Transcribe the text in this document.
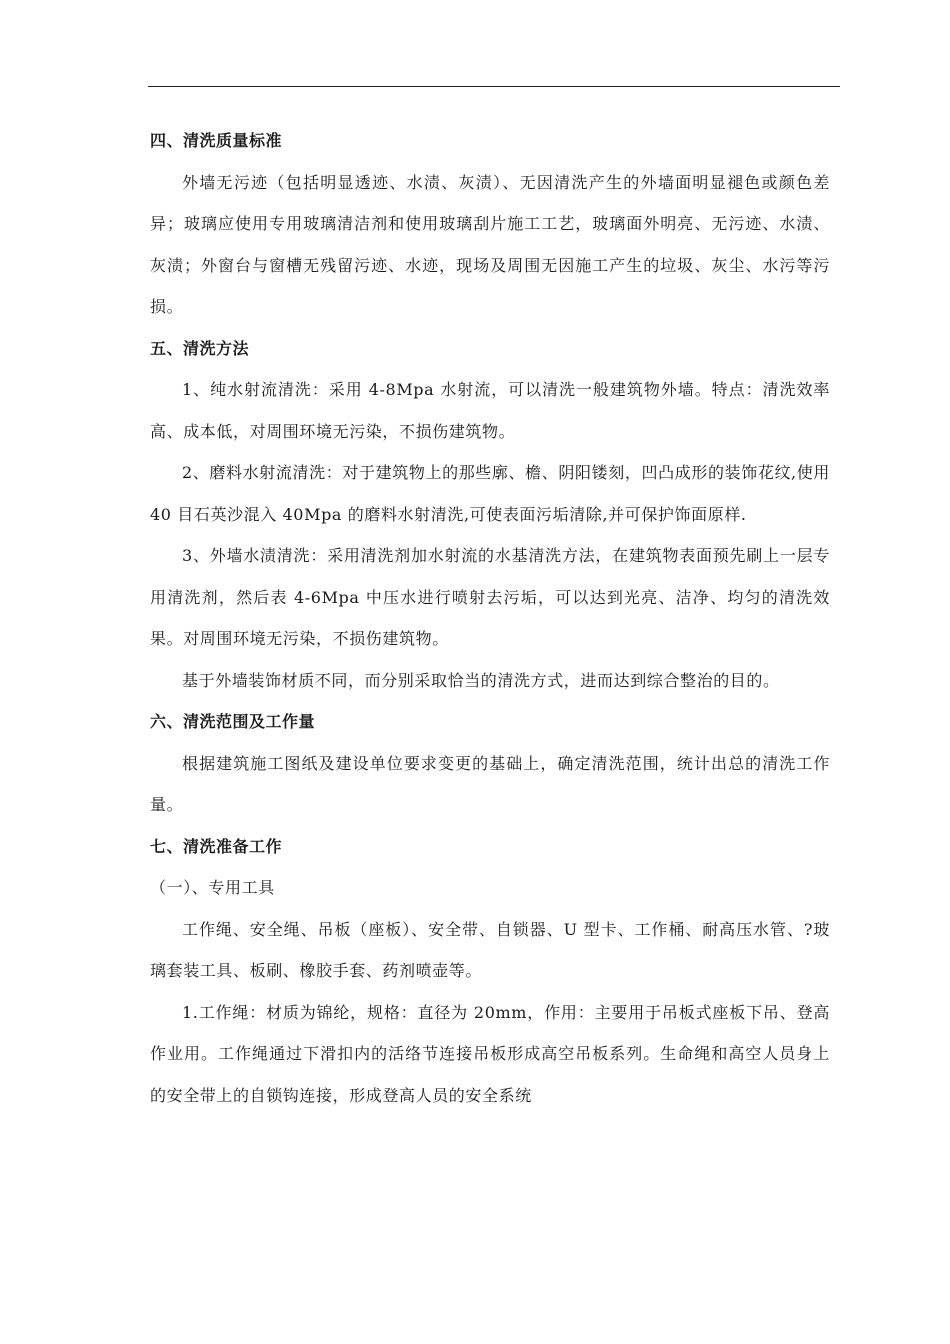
四、清洗质量标准

外墙无污迹（包括明显透迹、水渍、灰渍）、无因清洗产生的外墙面明显褪色或颜色差异；玻璃应使用专用玻璃清洁剂和使用玻璃刮片施工工艺，玻璃面外明亮、无污迹、水渍、灰渍；外窗台与窗槽无残留污迹、水迹，现场及周围无因施工产生的垃圾、灰尘、水污等污损。

五、清洗方法

1、纯水射流清洗：采用 4-8Mpa 水射流，可以清洗一般建筑物外墙。特点：清洗效率高、成本低，对周围环境无污染，不损伤建筑物。

2、磨料水射流清洗：对于建筑物上的那些廓、檐、阴阳镂刻，凹凸成形的装饰花纹,使用 40 目石英沙混入 40Mpa 的磨料水射清洗,可使表面污垢清除,并可保护饰面原样.

3、外墙水渍清洗：采用清洗剂加水射流的水基清洗方法，在建筑物表面预先刷上一层专用清洗剂，然后表 4-6Mpa 中压水进行喷射去污垢，可以达到光亮、洁净、均匀的清洗效果。对周围环境无污染，不损伤建筑物。

基于外墙装饰材质不同，而分别采取恰当的清洗方式，进而达到综合整治的目的。

六、清洗范围及工作量

根据建筑施工图纸及建设单位要求变更的基础上，确定清洗范围，统计出总的清洗工作量。

七、清洗准备工作

（一）、专用工具

工作绳、安全绳、吊板（座板）、安全带、自锁器、U 型卡、工作桶、耐高压水管、?玻璃套装工具、板刷、橡胶手套、药剂喷壶等。

1.工作绳：材质为锦纶，规格：直径为 20mm，作用：主要用于吊板式座板下吊、登高作业用。工作绳通过下滑扣内的活络节连接吊板形成高空吊板系列。生命绳和高空人员身上的安全带上的自锁钩连接，形成登高人员的安全系统
